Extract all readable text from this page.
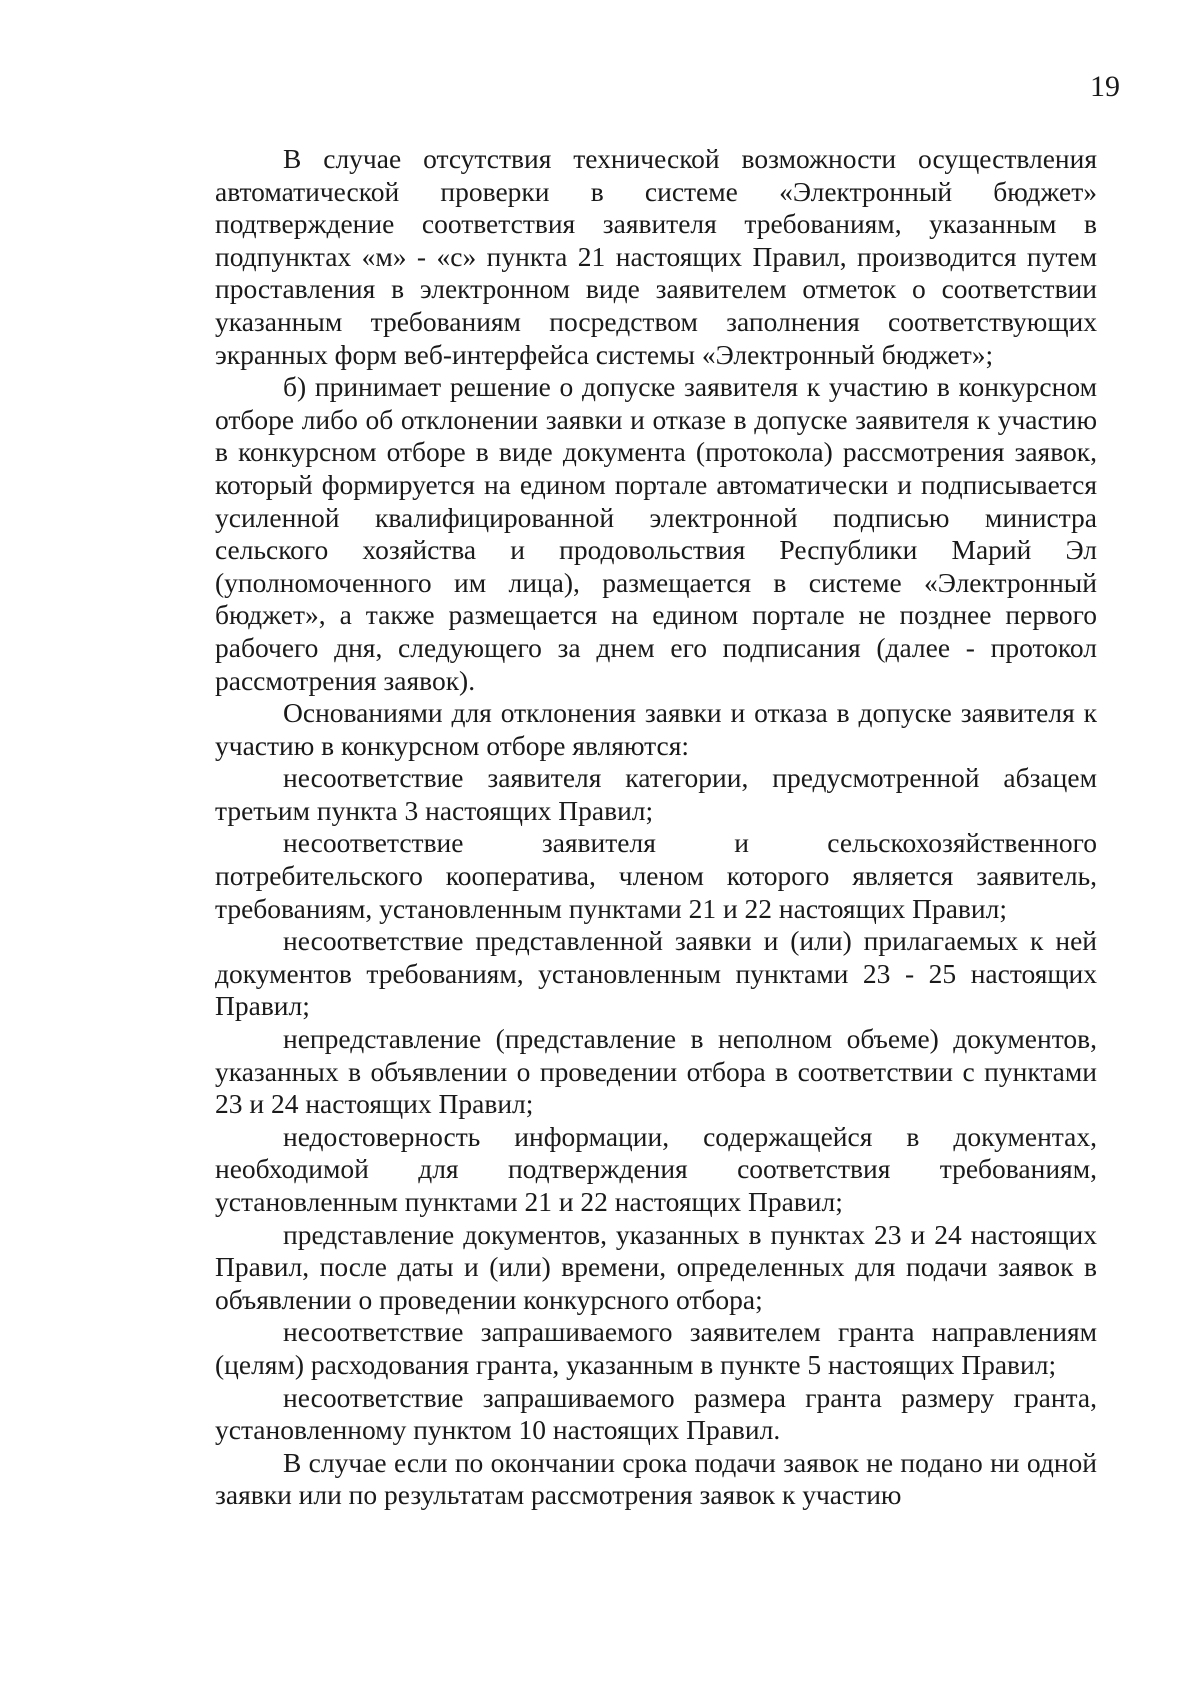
19

В случае отсутствия технической возможности осуществления автоматической проверки в системе «Электронный бюджет» подтверждение соответствия заявителя требованиям, указанным в подпунктах «м» - «с» пункта 21 настоящих Правил, производится путем проставления в электронном виде заявителем отметок о соответствии указанным требованиям посредством заполнения соответствующих экранных форм веб-интерфейса системы «Электронный бюджет»;

б) принимает решение о допуске заявителя к участию в конкурсном отборе либо об отклонении заявки и отказе в допуске заявителя к участию в конкурсном отборе в виде документа (протокола) рассмотрения заявок, который формируется на едином портале автоматически и подписывается усиленной квалифицированной электронной подписью министра сельского хозяйства и продовольствия Республики Марий Эл (уполномоченного им лица), размещается в системе «Электронный бюджет», а также размещается на едином портале не позднее первого рабочего дня, следующего за днем его подписания (далее - протокол рассмотрения заявок).

Основаниями для отклонения заявки и отказа в допуске заявителя к участию в конкурсном отборе являются:

несоответствие заявителя категории, предусмотренной абзацем третьим пункта 3 настоящих Правил;

несоответствие заявителя и сельскохозяйственного потребительского кооператива, членом которого является заявитель, требованиям, установленным пунктами 21 и 22 настоящих Правил;

несоответствие представленной заявки и (или) прилагаемых к ней документов требованиям, установленным пунктами 23 - 25 настоящих Правил;

непредставление (представление в неполном объеме) документов, указанных в объявлении о проведении отбора в соответствии с пунктами 23 и 24 настоящих Правил;

недостоверность информации, содержащейся в документах, необходимой для подтверждения соответствия требованиям, установленным пунктами 21 и 22 настоящих Правил;

представление документов, указанных в пунктах 23 и 24 настоящих Правил, после даты и (или) времени, определенных для подачи заявок в объявлении о проведении конкурсного отбора;

несоответствие запрашиваемого заявителем гранта направлениям (целям) расходования гранта, указанным в пункте 5 настоящих Правил;

несоответствие запрашиваемого размера гранта размеру гранта, установленному пунктом 10 настоящих Правил.

В случае если по окончании срока подачи заявок не подано ни одной заявки или по результатам рассмотрения заявок к участию
